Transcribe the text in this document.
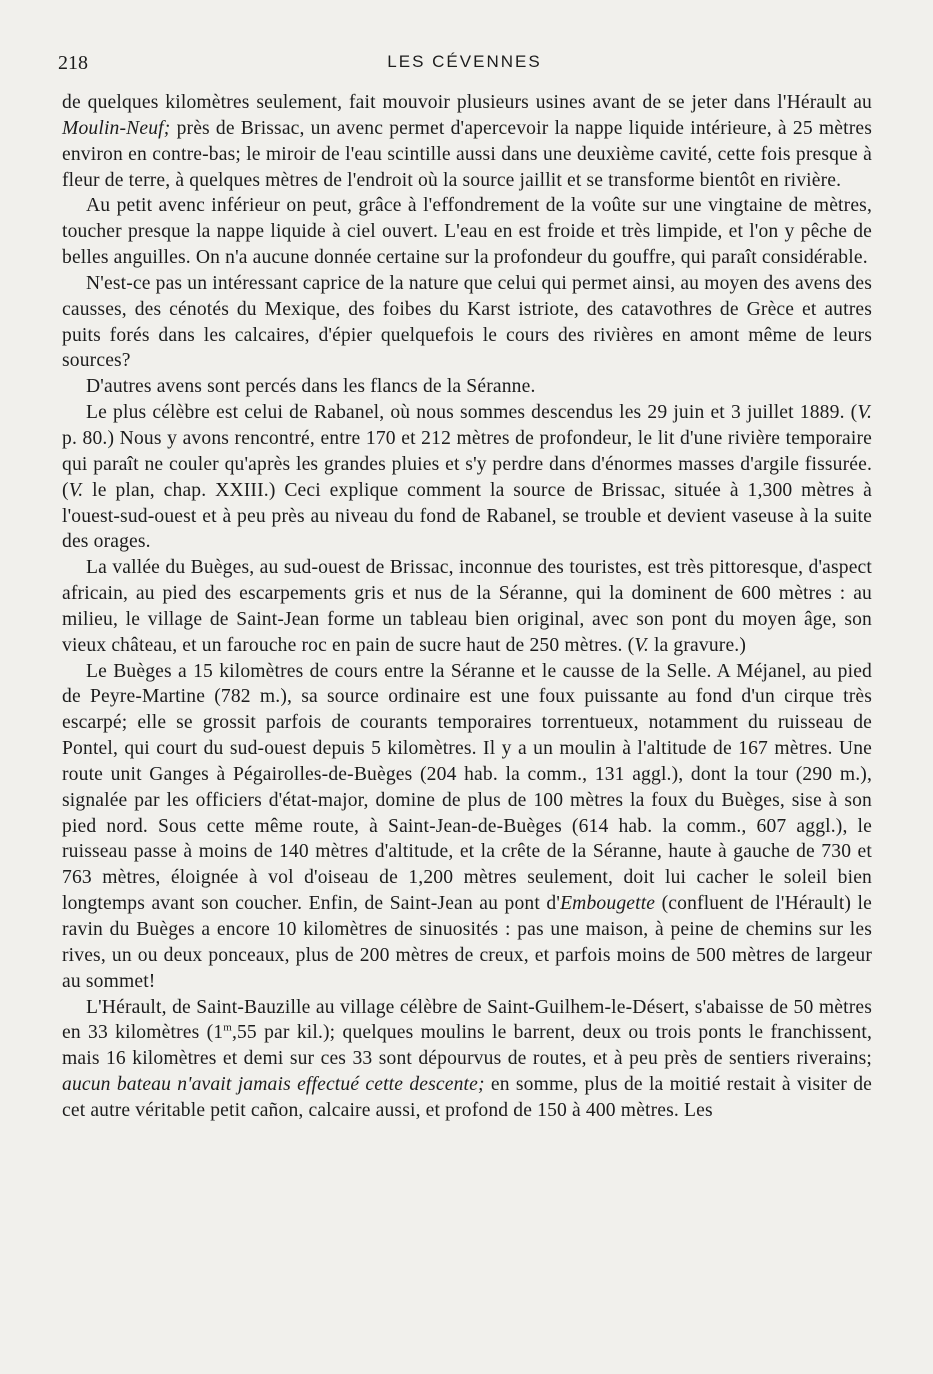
218	LES CÉVENNES

de quelques kilomètres seulement, fait mouvoir plusieurs usines avant de se jeter dans l'Hérault au Moulin-Neuf; près de Brissac, un avenc permet d'apercevoir la nappe liquide intérieure, à 25 mètres environ en contre-bas; le miroir de l'eau scintille aussi dans une deuxième cavité, cette fois presque à fleur de terre, à quelques mètres de l'endroit où la source jaillit et se transforme bientôt en rivière.

Au petit avenc inférieur on peut, grâce à l'effondrement de la voûte sur une vingtaine de mètres, toucher presque la nappe liquide à ciel ouvert. L'eau en est froide et très limpide, et l'on y pêche de belles anguilles. On n'a aucune donnée certaine sur la profondeur du gouffre, qui paraît considérable.

N'est-ce pas un intéressant caprice de la nature que celui qui permet ainsi, au moyen des avens des causses, des cénotés du Mexique, des foibes du Karst istriote, des catavothres de Grèce et autres puits forés dans les calcaires, d'épier quelquefois le cours des rivières en amont même de leurs sources?

D'autres avens sont percés dans les flancs de la Séranne.

Le plus célèbre est celui de Rabanel, où nous sommes descendus les 29 juin et 3 juillet 1889. (V. p. 80.) Nous y avons rencontré, entre 170 et 212 mètres de profondeur, le lit d'une rivière temporaire qui paraît ne couler qu'après les grandes pluies et s'y perdre dans d'énormes masses d'argile fissurée. (V. le plan, chap. XXIII.) Ceci explique comment la source de Brissac, située à 1,300 mètres à l'ouest-sud-ouest et à peu près au niveau du fond de Rabanel, se trouble et devient vaseuse à la suite des orages.

La vallée du Buèges, au sud-ouest de Brissac, inconnue des touristes, est très pittoresque, d'aspect africain, au pied des escarpements gris et nus de la Séranne, qui la dominent de 600 mètres : au milieu, le village de Saint-Jean forme un tableau bien original, avec son pont du moyen âge, son vieux château, et un farouche roc en pain de sucre haut de 250 mètres. (V. la gravure.)

Le Buèges a 15 kilomètres de cours entre la Séranne et le causse de la Selle. A Méjanel, au pied de Peyre-Martine (782 m.), sa source ordinaire est une foux puissante au fond d'un cirque très escarpé; elle se grossit parfois de courants temporaires torrentueux, notamment du ruisseau de Pontel, qui court du sud-ouest depuis 5 kilomètres. Il y a un moulin à l'altitude de 167 mètres. Une route unit Ganges à Pégairolles-de-Buèges (204 hab. la comm., 131 aggl.), dont la tour (290 m.), signalée par les officiers d'état-major, domine de plus de 100 mètres la foux du Buèges, sise à son pied nord. Sous cette même route, à Saint-Jean-de-Buèges (614 hab. la comm., 607 aggl.), le ruisseau passe à moins de 140 mètres d'altitude, et la crête de la Séranne, haute à gauche de 730 et 763 mètres, éloignée à vol d'oiseau de 1,200 mètres seulement, doit lui cacher le soleil bien longtemps avant son coucher. Enfin, de Saint-Jean au pont d'Embougette (confluent de l'Hérault) le ravin du Buèges a encore 10 kilomètres de sinuosités : pas une maison, à peine de chemins sur les rives, un ou deux ponceaux, plus de 200 mètres de creux, et parfois moins de 500 mètres de largeur au sommet!

L'Hérault, de Saint-Bauzille au village célèbre de Saint-Guilhem-le-Désert, s'abaisse de 50 mètres en 33 kilomètres (1$^m$,55 par kil.); quelques moulins le barrent, deux ou trois ponts le franchissent, mais 16 kilomètres et demi sur ces 33 sont dépourvus de routes, et à peu près de sentiers riverains; aucun bateau n'avait jamais effectué cette descente; en somme, plus de la moitié restait à visiter de cet autre véritable petit cañon, calcaire aussi, et profond de 150 à 400 mètres. Les
